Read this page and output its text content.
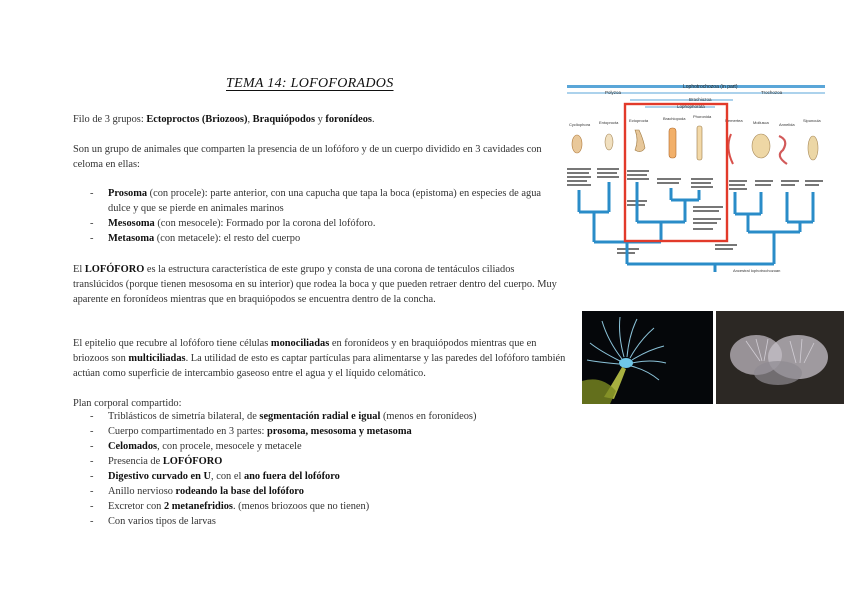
TEMA 14: LOFOFORADOS
Filo de 3 grupos: Ectoproctos (Briozoos), Braquiópodos y foronídeos.
Son un grupo de animales que comparten la presencia de un lofóforo y de un cuerpo dividido en 3 cavidades con celoma en ellas:
- Prosoma (con procele): parte anterior, con una capucha que tapa la boca (epistoma) en especies de agua dulce y que se pierde en animales marinos
- Mesosoma (con mesocele): Formado por la corona del lofóforo.
- Metasoma (con metacele): el resto del cuerpo
El LOFÓFORO es la estructura característica de este grupo y consta de una corona de tentáculos ciliados translúcidos (porque tienen mesosoma en su interior) que rodea la boca y que pueden retraer dentro del cuerpo. Muy aparente en foronídeos mientras que en braquiópodos se encuentra dentro de la concha.
El epitelio que recubre al lofóforo tiene células monociliadas en foronídeos y en braquiópodos mientras que en briozoos son multiciliadas. La utilidad de esto es captar partículas para alimentarse y las paredes del lofóforo también actúan como superficie de intercambio gaseoso entre el agua y el líquido celomático.
Plan corporal compartido:
- Triblásticos de simetría bilateral, de segmentación radial e igual (menos en foronídeos)
- Cuerpo compartimentado en 3 partes: prosoma, mesosoma y metasoma
- Celomados, con procele, mesocele y metacele
- Presencia de LOFÓFORO
- Digestivo curvado en U, con el ano fuera del lofóforo
- Anillo nervioso rodeando la base del lofóforo
- Excretor con 2 metanefridios. (menos briozoos que no tienen)
- Con varios tipos de larvas
Lophotrochozoa (in part)
Polyzoa	Trochozoa
Brachiozoa
Lophophorata
Cycliophora Entoprocta	Ectoprocta	Brachiopoda Phoronida
Nemertea	Mollusca	Annelida
Sipuncula
Ancestral lophotrochozoan
